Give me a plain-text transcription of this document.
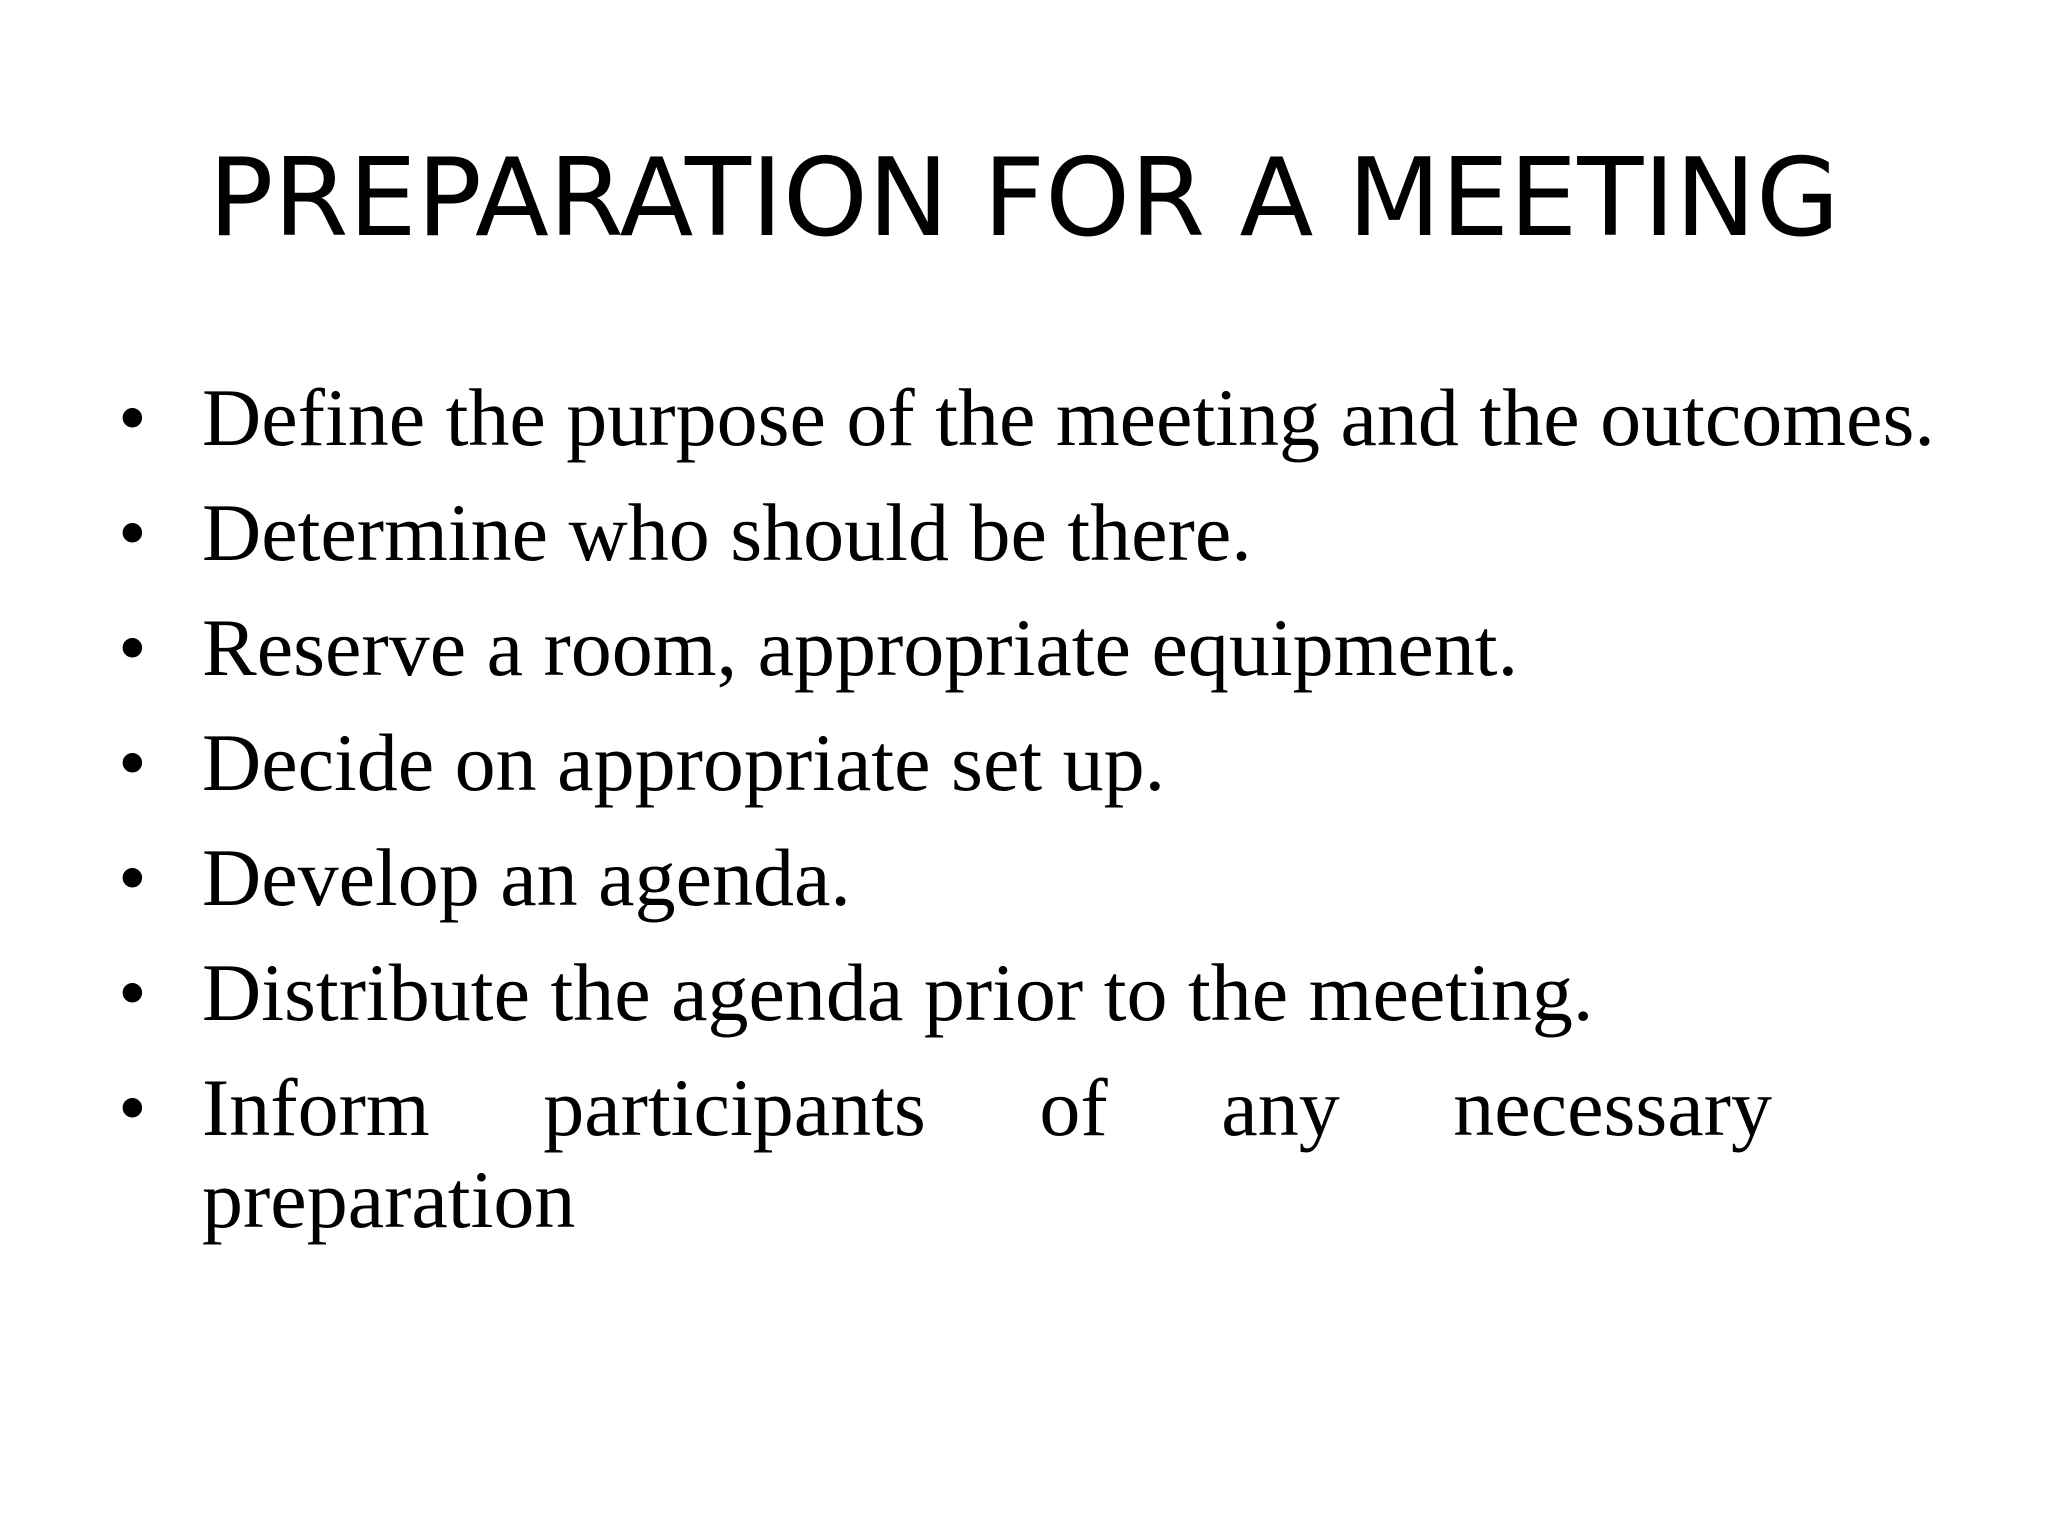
PREPARATION FOR A MEETING
• Define the purpose of the meeting and the outcomes.
• Determine who should be there.
• Reserve a room, appropriate equipment.
• Decide on appropriate set up.
• Develop an agenda.
• Distribute the agenda prior to the meeting.
• Inform participants of any necessary preparation
